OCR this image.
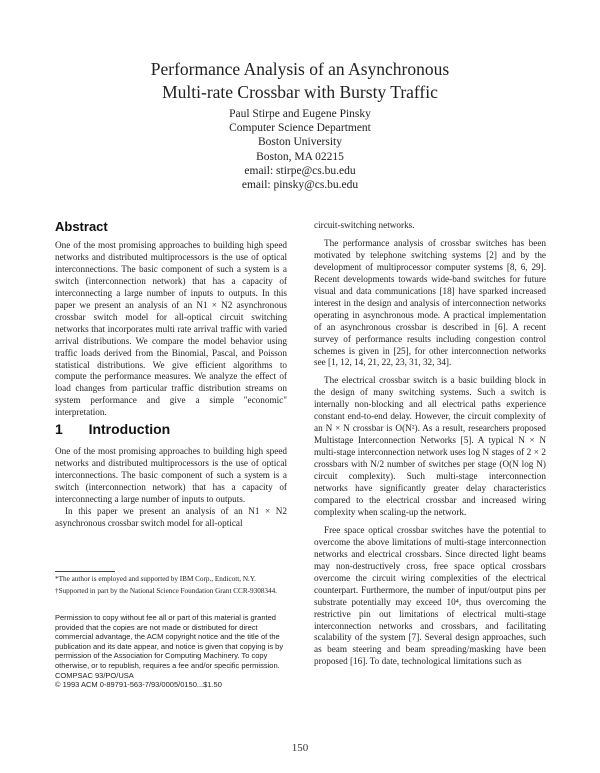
Performance Analysis of an Asynchronous
Multi-rate Crossbar with Bursty Traffic
Paul Stirpe and Eugene Pinsky
Computer Science Department
Boston University
Boston, MA 02215
email: stirpe@cs.bu.edu
email: pinsky@cs.bu.edu
Abstract

One of the most promising approaches to building high speed networks and distributed multiprocessors is the use of optical interconnections. The basic component of such a system is a switch (interconnection network) that has a capacity of interconnecting a large number of inputs to outputs. In this paper we present an analysis of an N1 × N2 asynchronous crossbar switch model for all-optical circuit switching networks that incorporates multi rate arrival traffic with varied arrival distributions. We compare the model behavior using traffic loads derived from the Binomial, Pascal, and Poisson statistical distributions. We give efficient algorithms to compute the performance measures. We analyze the effect of load changes from particular traffic distribution streams on system performance and give a simple "economic" interpretation.

1 Introduction

One of the most promising approaches to building high speed networks and distributed multiprocessors is the use of optical interconnections. The basic component of such a system is a switch (interconnection network) that has a capacity of interconnecting a large number of inputs to outputs.

In this paper we present an analysis of an N1 × N2 asynchronous crossbar switch model for all-optical

*The author is employed and supported by IBM Corp., Endicott, N.Y.

†Supported in part by the National Science Foundation Grant CCR-9308344.

Permission to copy without fee all or part of this material is granted provided that the copies are not made or distributed for direct commercial advantage, the ACM copyright notice and the title of the publication and its date appear, and notice is given that copying is by permission of the Association for Computing Machinery. To copy otherwise, or to republish, requires a fee and/or specific permission.
COMPSAC 93/PO/USA
© 1993 ACM 0-89791-563-7/93/0005/0150...$1.50

circuit-switching networks.

The performance analysis of crossbar switches has been motivated by telephone switching systems [2] and by the development of multiprocessor computer systems [8, 6, 29]. Recent developments towards wide-band switches for future visual and data communications [18] have sparked increased interest in the design and analysis of interconnection networks operating in asynchronous mode. A practical implementation of an asynchronous crossbar is described in [6]. A recent survey of performance results including congestion control schemes is given in [25], for other interconnection networks see [1, 12, 14, 21, 22, 23, 31, 32, 34].

The electrical crossbar switch is a basic building block in the design of many switching systems. Such a switch is internally non-blocking and all electrical paths experience constant end-to-end delay. However, the circuit complexity of an N × N crossbar is O(N²). As a result, researchers proposed Multistage Interconnection Networks [5]. A typical N × N multi-stage interconnection network uses log N stages of 2 × 2 crossbars with N/2 number of switches per stage (O(N log N) circuit complexity). Such multi-stage interconnection networks have significantly greater delay characteristics compared to the electrical crossbar and increased wiring complexity when scaling-up the network.

Free space optical crossbar switches have the potential to overcome the above limitations of multi-stage interconnection networks and electrical crossbars. Since directed light beams may non-destructively cross, free space optical crossbars overcome the circuit wiring complexities of the electrical counterpart. Furthermore, the number of input/output pins per substrate potentially may exceed 10⁴, thus overcoming the restrictive pin out limitations of electrical multi-stage interconnection networks and crossbars, and facilitating scalability of the system [7]. Several design approaches, such as beam steering and beam spreading/masking have been proposed [16]. To date, technological limitations such as

150
